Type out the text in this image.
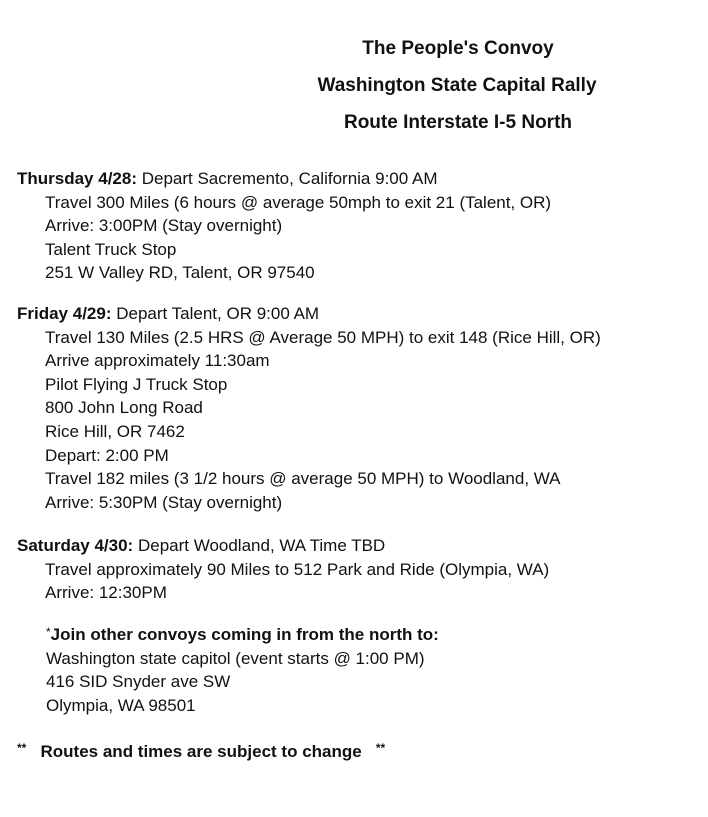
The People's Convoy
Washington State Capital Rally
Route Interstate I-5 North
Thursday 4/28: Depart Sacremento, California 9:00 AM
Travel 300 Miles (6 hours @ average 50mph to exit 21 (Talent, OR)
Arrive: 3:00PM (Stay overnight)
Talent Truck Stop
251 W Valley RD, Talent, OR 97540
Friday 4/29: Depart Talent, OR 9:00 AM
Travel 130 Miles (2.5 HRS @ Average 50 MPH) to exit 148 (Rice Hill, OR)
Arrive approximately 11:30am
Pilot Flying J Truck Stop
800 John Long Road
Rice Hill, OR 7462
Depart: 2:00 PM
Travel 182 miles (3 1/2 hours @ average 50 MPH) to Woodland, WA
Arrive: 5:30PM (Stay overnight)
Saturday 4/30: Depart Woodland, WA Time TBD
Travel approximately 90 Miles to 512 Park and Ride (Olympia, WA)
Arrive: 12:30PM
*Join other convoys coming in from the north to:
Washington state capitol (event starts @ 1:00 PM)
416 SID Snyder ave SW
Olympia, WA 98501
** Routes and times are subject to change **
